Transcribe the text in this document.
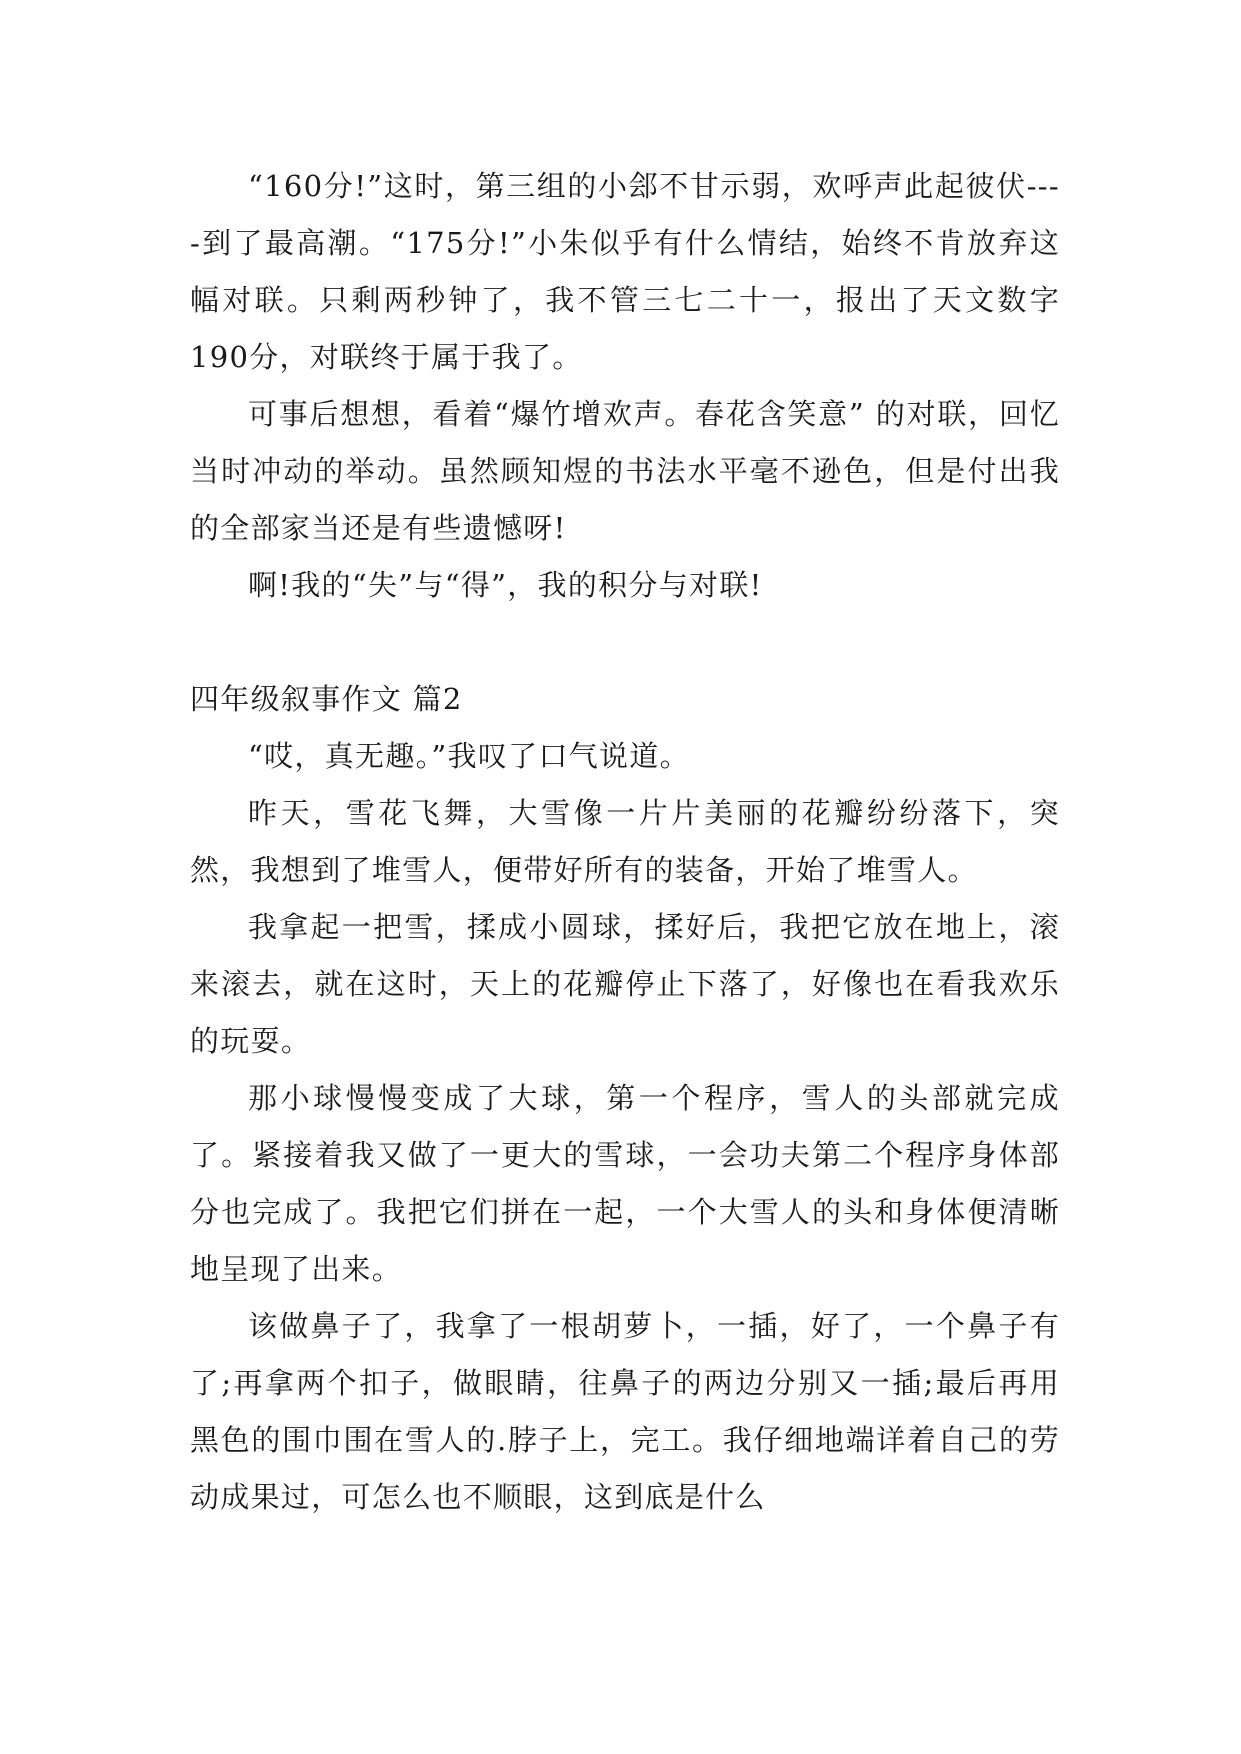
“160分!”这时，第三组的小郐不甘示弱，欢呼声此起彼伏----到了最高潮。“175分!”小朱似乎有什么情结，始终不肯放弃这幅对联。只剩两秒钟了，我不管三七二十一，报出了天文数字190分，对联终于属于我了。

可事后想想，看着“爆竹增欢声。春花含笑意” 的对联，回忆当时冲动的举动。虽然顾知煜的书法水平毫不逊色，但是付出我的全部家当还是有些遗憾呀!

啊!我的“失”与“得”，我的积分与对联!

四年级叙事作文 篇2

“哎，真无趣。”我叹了口气说道。

昨天，雪花飞舞，大雪像一片片美丽的花瓣纷纷落下，突然，我想到了堆雪人，便带好所有的装备，开始了堆雪人。

我拿起一把雪，揉成小圆球，揉好后，我把它放在地上，滚来滚去，就在这时，天上的花瓣停止下落了，好像也在看我欢乐的玩耍。

那小球慢慢变成了大球，第一个程序，雪人的头部就完成了。紧接着我又做了一更大的雪球，一会功夫第二个程序身体部分也完成了。我把它们拼在一起，一个大雪人的头和身体便清晰地呈现了出来。

该做鼻子了，我拿了一根胡萝卜，一插，好了，一个鼻子有了;再拿两个扣子，做眼睛，往鼻子的两边分别又一插;最后再用黑色的围巾围在雪人的.脖子上，完工。我仔细地端详着自己的劳动成果过，可怎么也不顺眼，这到底是什么
